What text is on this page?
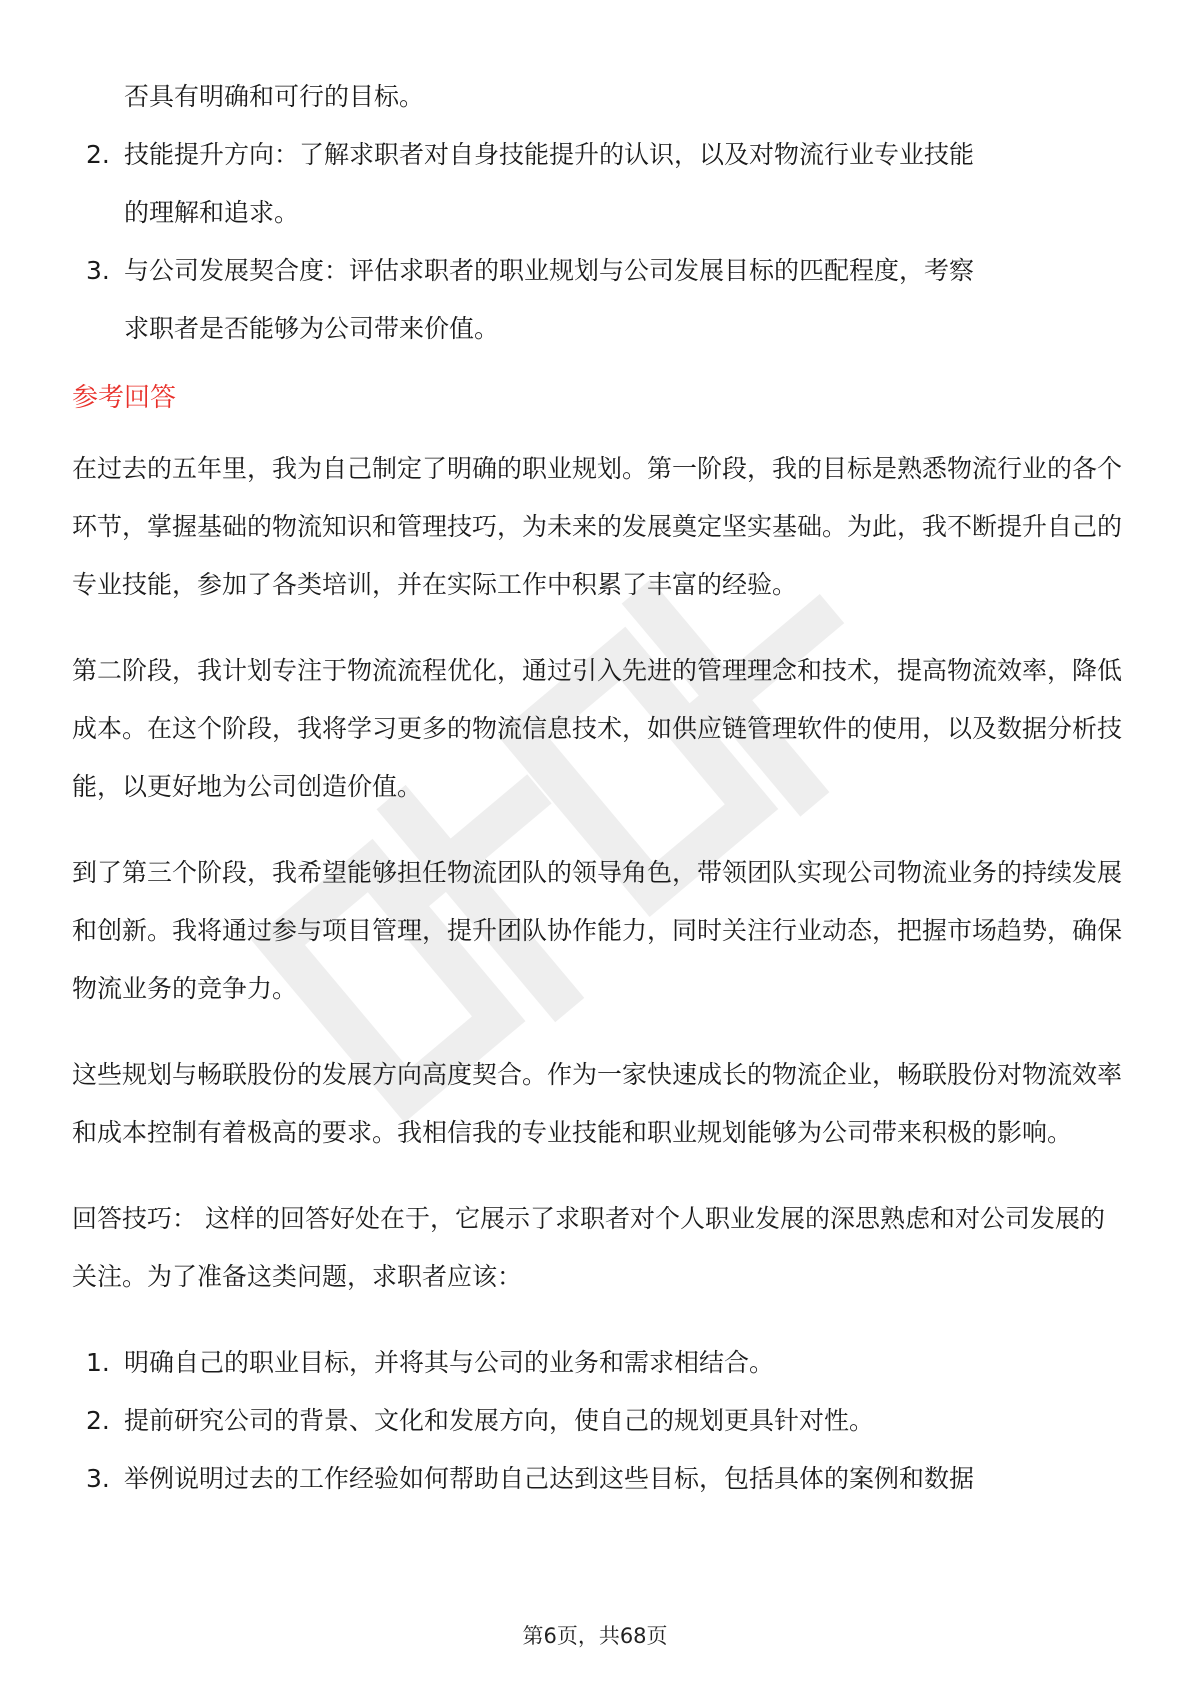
否具有明确和可行的目标。
2. 技能提升方向：了解求职者对自身技能提升的认识，以及对物流行业专业技能
的理解和追求。
3. 与公司发展契合度：评估求职者的职业规划与公司发展目标的匹配程度，考察
求职者是否能够为公司带来价值。
参考回答

在过去的五年里，我为自己制定了明确的职业规划。第一阶段，我的目标是熟悉物流行业的各个环节，掌握基础的物流知识和管理技巧，为未来的发展奠定坚实基础。为此，我不断提升自己的专业技能，参加了各类培训，并在实际工作中积累了丰富的经验。

第二阶段，我计划专注于物流流程优化，通过引入先进的管理理念和技术，提高物流效率，降低成本。在这个阶段，我将学习更多的物流信息技术，如供应链管理软件的使用，以及数据分析技能，以更好地为公司创造价值。

到了第三个阶段，我希望能够担任物流团队的领导角色，带领团队实现公司物流业务的持续发展和创新。我将通过参与项目管理，提升团队协作能力，同时关注行业动态，把握市场趋势，确保物流业务的竞争力。

这些规划与畅联股份的发展方向高度契合。作为一家快速成长的物流企业，畅联股份对物流效率和成本控制有着极高的要求。我相信我的专业技能和职业规划能够为公司带来积极的影响。

回答技巧： 这样的回答好处在于，它展示了求职者对个人职业发展的深思熟虑和对公司发展的关注。为了准备这类问题，求职者应该：

1. 明确自己的职业目标，并将其与公司的业务和需求相结合。
2. 提前研究公司的背景、文化和发展方向，使自己的规划更具针对性。
3. 举例说明过去的工作经验如何帮助自己达到这些目标，包括具体的案例和数据
第6页，共68页
